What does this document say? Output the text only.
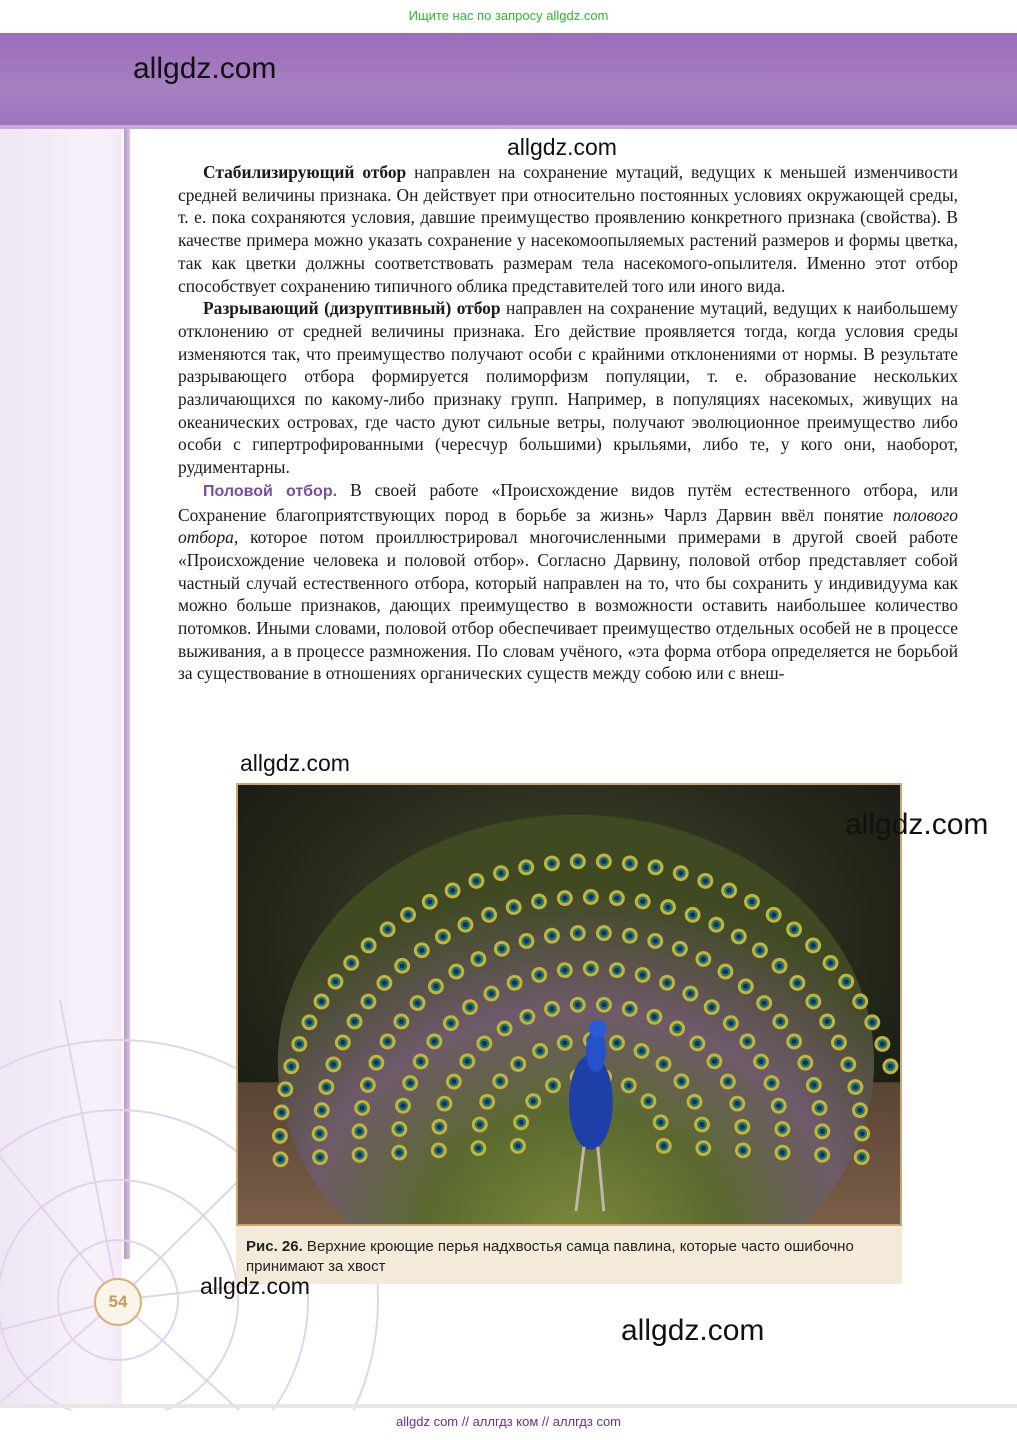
Ищите нас по запросу allgdz.com
allgdz.com
allgdz.com

Стабилизирующий отбор направлен на сохранение мутаций, ведущих к меньшей изменчивости средней величины признака. Он действует при относительно постоянных условиях окружающей среды, т. е. пока сохраняются условия, давшие преимущество проявлению конкретного признака (свойства). В качестве примера можно указать сохранение у насекомоопыляемых растений размеров и формы цветка, так как цветки должны соответствовать размерам тела насекомого-опылителя. Именно этот отбор способствует сохранению типичного облика представителей того или иного вида.

Разрывающий (дизруптивный) отбор направлен на сохранение мутаций, ведущих к наибольшему отклонению от средней величины признака. Его действие проявляется тогда, когда условия среды изменяются так, что преимущество получают особи с крайними отклонениями от нормы. В результате разрывающего отбора формируется полиморфизм популяции, т. е. образование нескольких различающихся по какому-либо признаку групп. Например, в популяциях насекомых, живущих на океанических островах, где часто дуют сильные ветры, получают эволюционное преимущество либо особи с гипертрофированными (чересчур большими) крыльями, либо те, у кого они, наоборот, рудиментарны.

Половой отбор. В своей работе «Происхождение видов путём естественного отбора, или Сохранение благоприятствующих пород в борьбе за жизнь» Чарлз Дарвин ввёл понятие полового отбора, которое потом проиллюстрировал многочисленными примерами в другой своей работе «Происхождение человека и половой отбор». Согласно Дарвину, половой отбор представляет собой частный случай естественного отбора, который направлен на то, что бы сохранить у индивидуума как можно больше признаков, дающих преимущество в возможности оставить наибольшее количество потомков. Иными словами, половой отбор обеспечивает преимущество отдельных особей не в процессе выживания, а в процессе размножения. По словам учёного, «эта форма отбора определяется не борьбой за существование в отношениях органических существ между собою или с внеш-

allgdz.com
Рис. 26. Верхние кроющие перья надхвостья самца павлина, которые часто ошибочно принимают за хвост
allgdz.com
allgdz.com
allgdz.com
54
allgdz com // аллгдз ком // аллгдз com
